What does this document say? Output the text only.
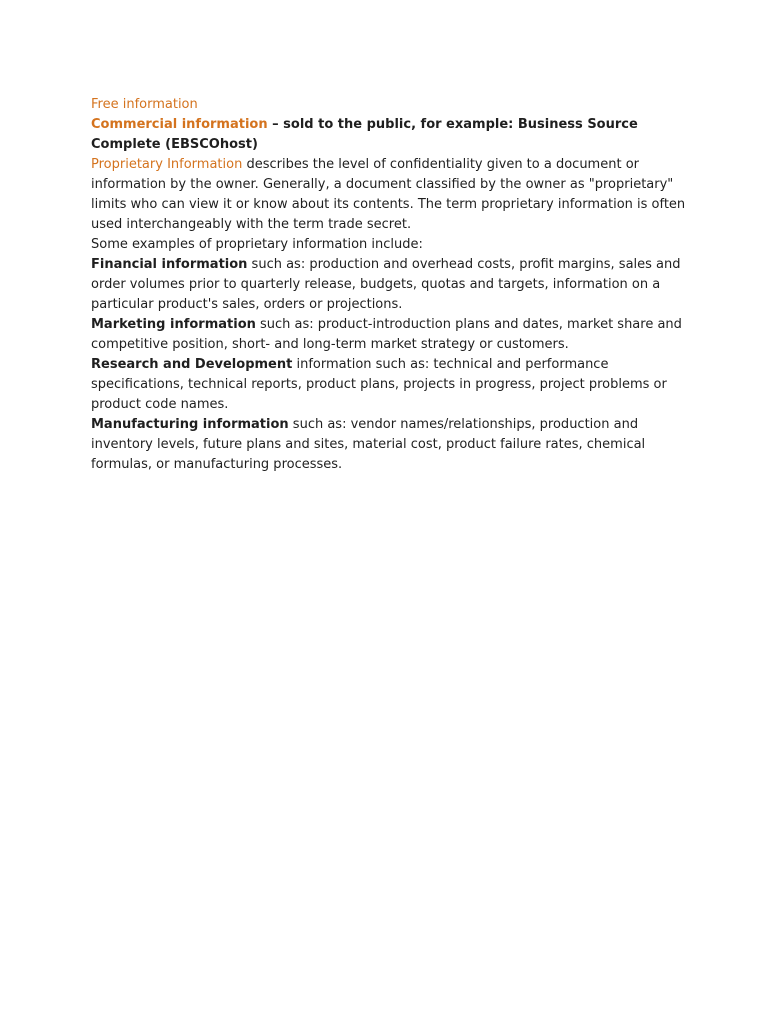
Free information

Commercial information – sold to the public, for example: Business Source Complete (EBSCOhost)

Proprietary Information describes the level of confidentiality given to a document or information by the owner. Generally, a document classified by the owner as "proprietary" limits who can view it or know about its contents. The term proprietary information is often used interchangeably with the term trade secret.

Some examples of proprietary information include:

Financial information such as: production and overhead costs, profit margins, sales and order volumes prior to quarterly release, budgets, quotas and targets, information on a particular product's sales, orders or projections.

Marketing information such as: product-introduction plans and dates, market share and competitive position, short- and long-term market strategy or customers.

Research and Development information such as: technical and performance specifications, technical reports, product plans, projects in progress, project problems or product code names.

Manufacturing information such as: vendor names/relationships, production and inventory levels, future plans and sites, material cost, product failure rates, chemical formulas, or manufacturing processes.
